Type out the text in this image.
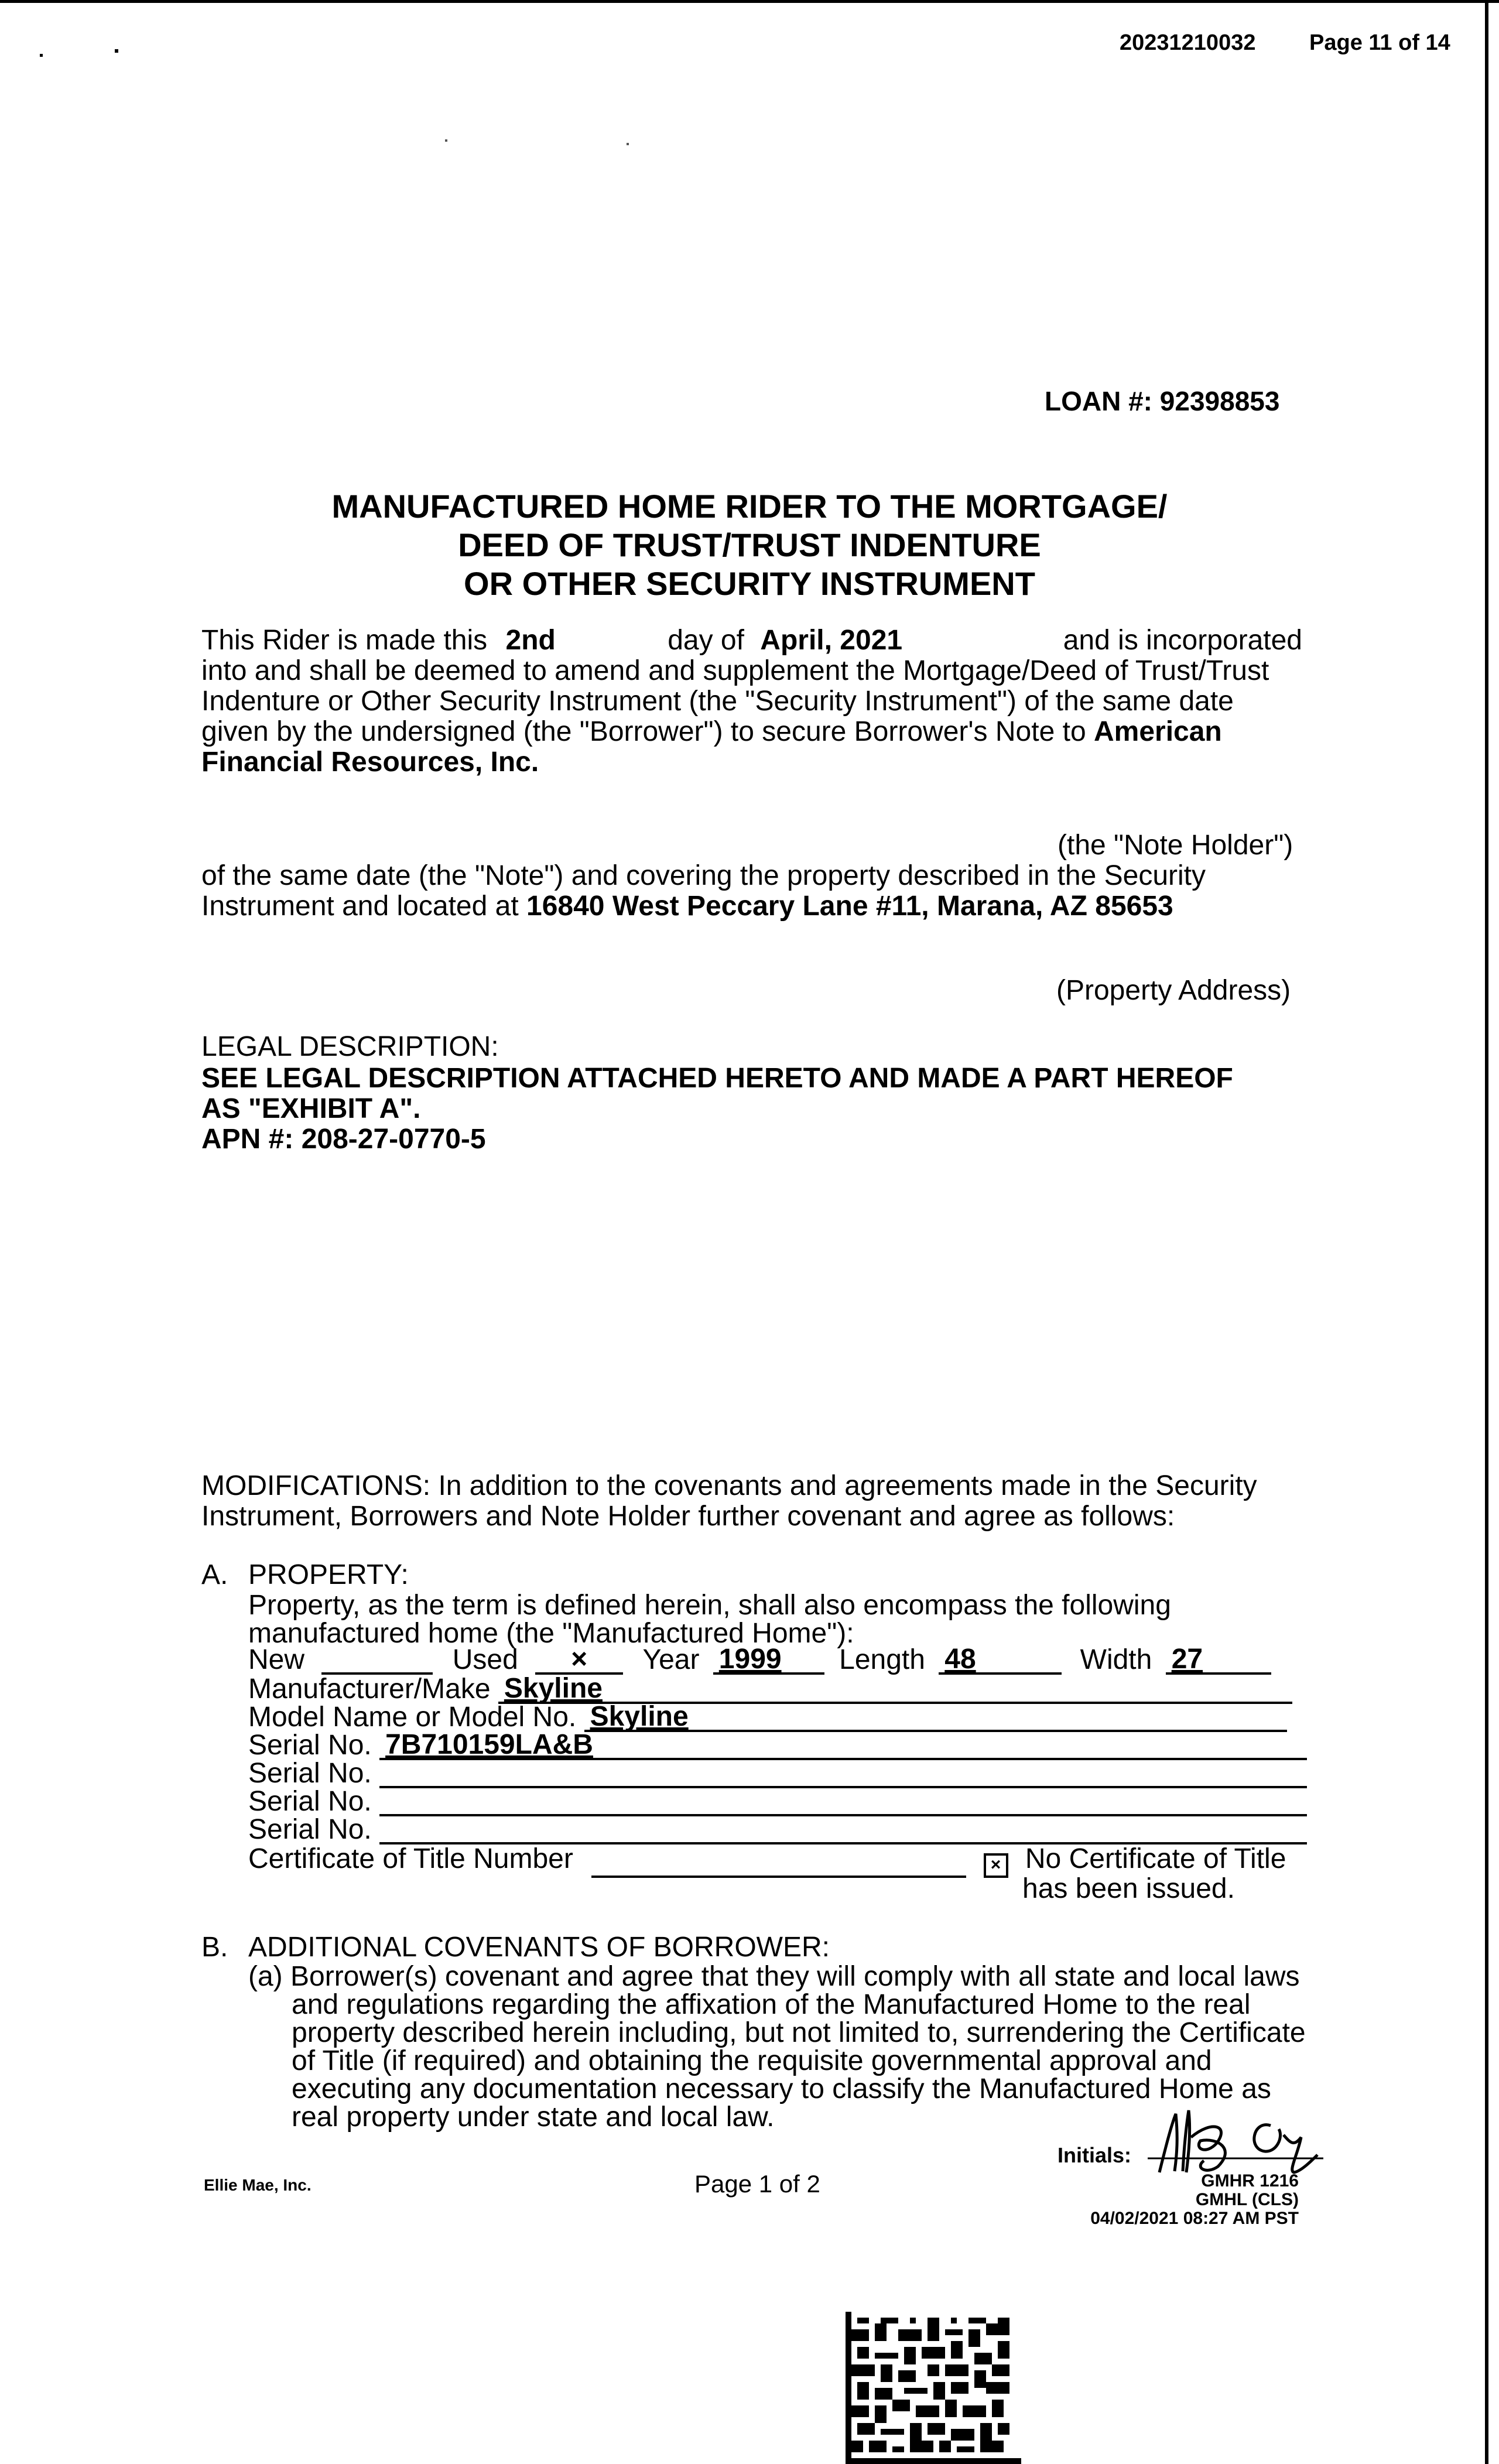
20231210032 Page 11 of 14
LOAN #: 92398853
MANUFACTURED HOME RIDER TO THE MORTGAGE/
DEED OF TRUST/TRUST INDENTURE
OR OTHER SECURITY INSTRUMENT
This Rider is made this 2nd	day of April, 2021	and is incorporated
into and shall be deemed to amend and supplement the Mortgage/Deed of Trust/Trust
Indenture or Other Security Instrument (the "Security Instrument") of the same date
given by the undersigned (the "Borrower") to secure Borrower's Note to American
Financial Resources, Inc.
(the "Note Holder")
of the same date (the "Note") and covering the property described in the Security
Instrument and located at 16840 West Peccary Lane #11, Marana, AZ 85653
(Property Address)
LEGAL DESCRIPTION:
SEE LEGAL DESCRIPTION ATTACHED HERETO AND MADE A PART HEREOF
AS "EXHIBIT A".
APN #: 208-27-0770-5
MODIFICATIONS: In addition to the covenants and agreements made in the Security
Instrument, Borrowers and Note Holder further covenant and agree as follows:
A. PROPERTY:
Property, as the term is defined herein, shall also encompass the following
manufactured home (the "Manufactured Home"):
New	Used × Year 1999 Length 48	Width 27
Manufacturer/Make Skyline
Model Name or Model No. Skyline
Serial No. 7B710159LA&B
Serial No.
Serial No.
Serial No.
Certificate of Title Number	× No Certificate of Title
has been issued.
B. ADDITIONAL COVENANTS OF BORROWER:
(a) Borrower(s) covenant and agree that they will comply with all state and local laws
and regulations regarding the affixation of the Manufactured Home to the real
property described herein including, but not limited to, surrendering the Certificate
of Title (if required) and obtaining the requisite governmental approval and
executing any documentation necessary to classify the Manufactured Home as
real property under state and local law.
Initials:
Ellie Mae, Inc.	Page 1 of 2	GMHR 1216
GMHL (CLS)
04/02/2021 08:27 AM PST
